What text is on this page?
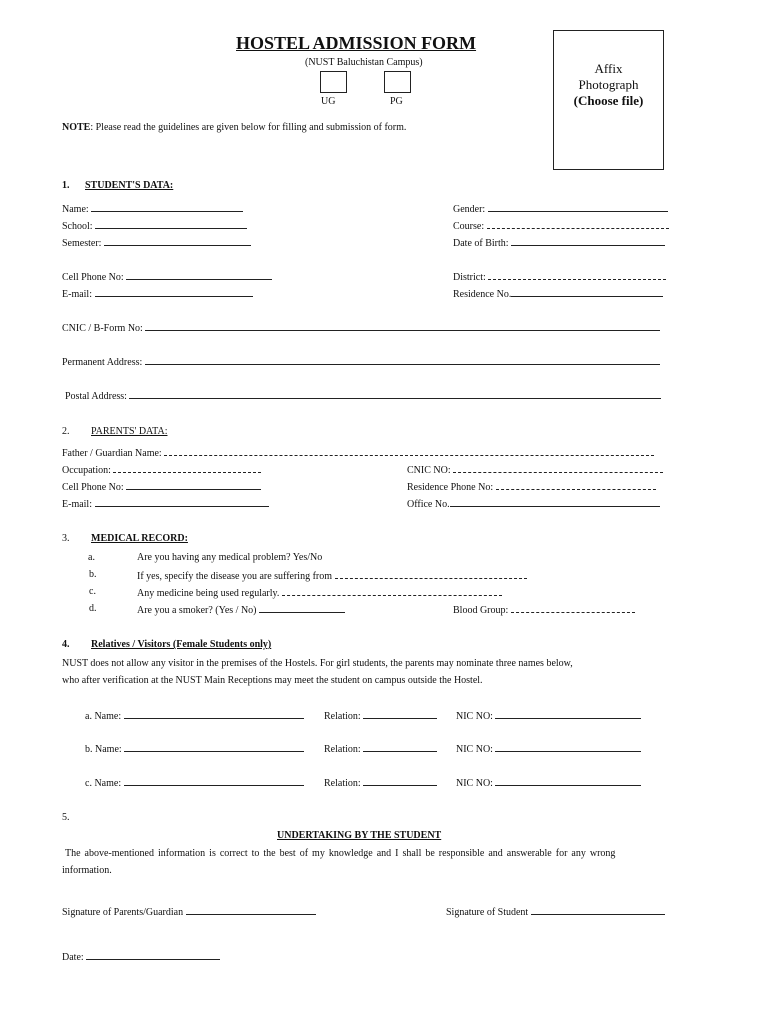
HOSTEL ADMISSION FORM
(NUST Baluchistan Campus)
UG	PG
Affix
Photograph
(Choose file)
NOTE: Please read the guidelines are given below for filling and submission of form.
1. STUDENT'S DATA:
Name:
School:
Semester:
Cell Phone No:
E-mail:
Gender:
Course:
Date of Birth:
District:
Residence No.
CNIC / B-Form No:
Permanent Address:
Postal Address:
2. PARENTS' DATA:
Father / Guardian Name:
Occupation:
Cell Phone No:
E-mail:
CNIC NO:
Residence Phone No:
Office No.
3. MEDICAL RECORD:
a.	Are you having any medical problem? Yes/No
b.	If yes, specify the disease you are suffering from
c.	Any medicine being used regularly.
d.	Are you a smoker? (Yes / No)	Blood Group:
4. Relatives / Visitors (Female Students only)
NUST does not allow any visitor in the premises of the Hostels. For girl students, the parents may nominate three names below,
who after verification at the NUST Main Receptions may meet the student on campus outside the Hostel.
a. Name:	Relation:	NIC NO:
b. Name:	Relation:	NIC NO:
c. Name:	Relation:	NIC NO:
5.
UNDERTAKING BY THE STUDENT
The above-mentioned information is correct to the best of my knowledge and I shall be responsible and answerable for any wrong
information.
Signature of Parents/Guardian	Signature of Student
Date:
